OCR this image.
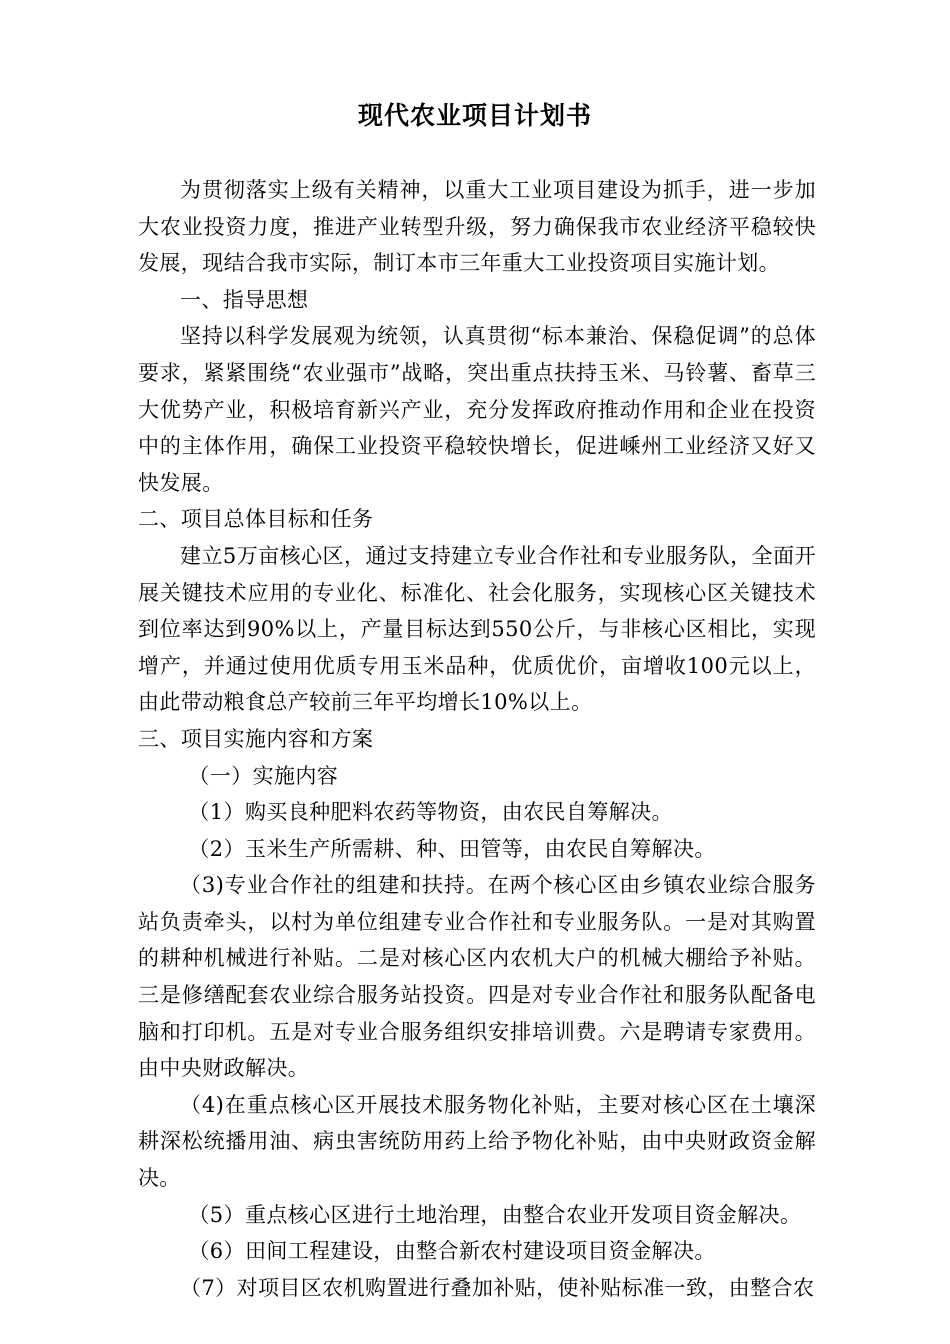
现代农业项目计划书

为贯彻落实上级有关精神，以重大工业项目建设为抓手，进一步加大农业投资力度，推进产业转型升级，努力确保我市农业经济平稳较快发展，现结合我市实际，制订本市三年重大工业投资项目实施计划。

一、指导思想

坚持以科学发展观为统领，认真贯彻“标本兼治、保稳促调”的总体要求，紧紧围绕“农业强市”战略，突出重点扶持玉米、马铃薯、畜草三大优势产业，积极培育新兴产业，充分发挥政府推动作用和企业在投资中的主体作用，确保工业投资平稳较快增长，促进嵊州工业经济又好又快发展。

二、项目总体目标和任务

建立5万亩核心区，通过支持建立专业合作社和专业服务队，全面开展关键技术应用的专业化、标准化、社会化服务，实现核心区关键技术到位率达到90%以上，产量目标达到550公斤，与非核心区相比，实现增产，并通过使用优质专用玉米品种，优质优价，亩增收100元以上，由此带动粮食总产较前三年平均增长10%以上。

三、项目实施内容和方案

（一）实施内容

（1）购买良种肥料农药等物资，由农民自筹解决。

（2）玉米生产所需耕、种、田管等，由农民自筹解决。

（3)专业合作社的组建和扶持。在两个核心区由乡镇农业综合服务站负责牵头，以村为单位组建专业合作社和专业服务队。一是对其购置的耕种机械进行补贴。二是对核心区内农机大户的机械大棚给予补贴。三是修缮配套农业综合服务站投资。四是对专业合作社和服务队配备电脑和打印机。五是对专业合服务组织安排培训费。六是聘请专家费用。由中央财政解决。

（4)在重点核心区开展技术服务物化补贴，主要对核心区在土壤深耕深松统播用油、病虫害统防用药上给予物化补贴，由中央财政资金解决。

（5）重点核心区进行土地治理，由整合农业开发项目资金解决。

（6）田间工程建设，由整合新农村建设项目资金解决。

（7）对项目区农机购置进行叠加补贴，使补贴标准一致，由整合农
